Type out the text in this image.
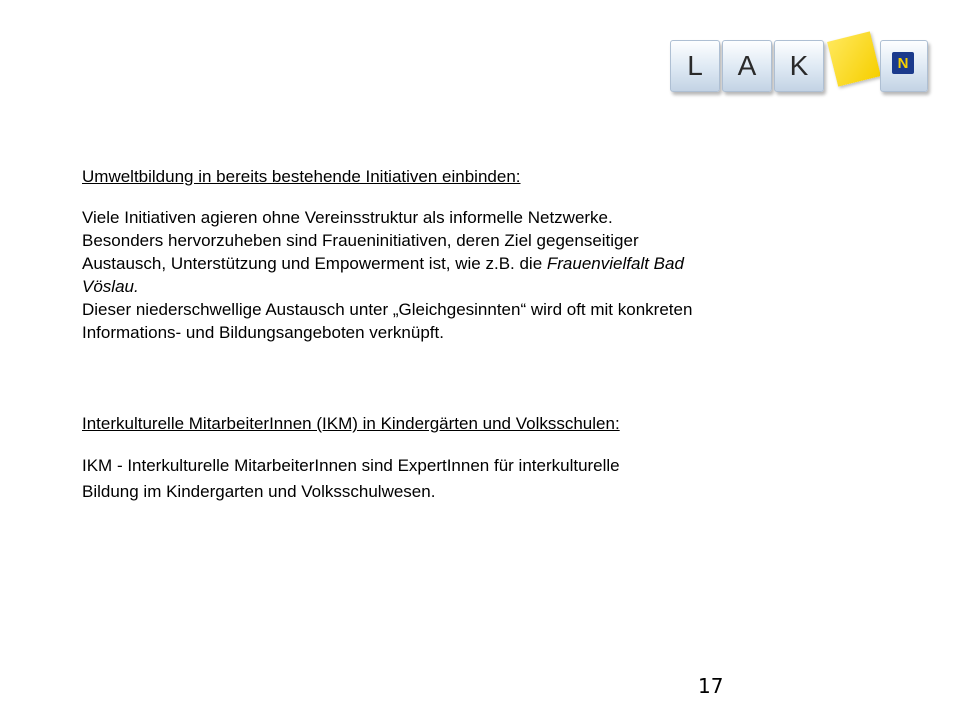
L	A	K	N

Umweltbildung in bereits bestehende Initiativen einbinden:

Viele Initiativen agieren ohne Vereinsstruktur als informelle Netzwerke.

Besonders hervorzuheben sind Fraueninitiativen, deren Ziel gegenseitiger

Austausch, Unterstützung und Empowerment ist, wie z.B. die Frauenvielfalt Bad

Vöslau.

Dieser niederschwellige Austausch unter „Gleichgesinnten“ wird oft mit konkreten

Informations- und Bildungsangeboten verknüpft.

Interkulturelle MitarbeiterInnen (IKM) in Kindergärten und Volksschulen:

IKM - Interkulturelle MitarbeiterInnen sind ExpertInnen für interkulturelle

Bildung im Kindergarten und Volksschulwesen.

17
